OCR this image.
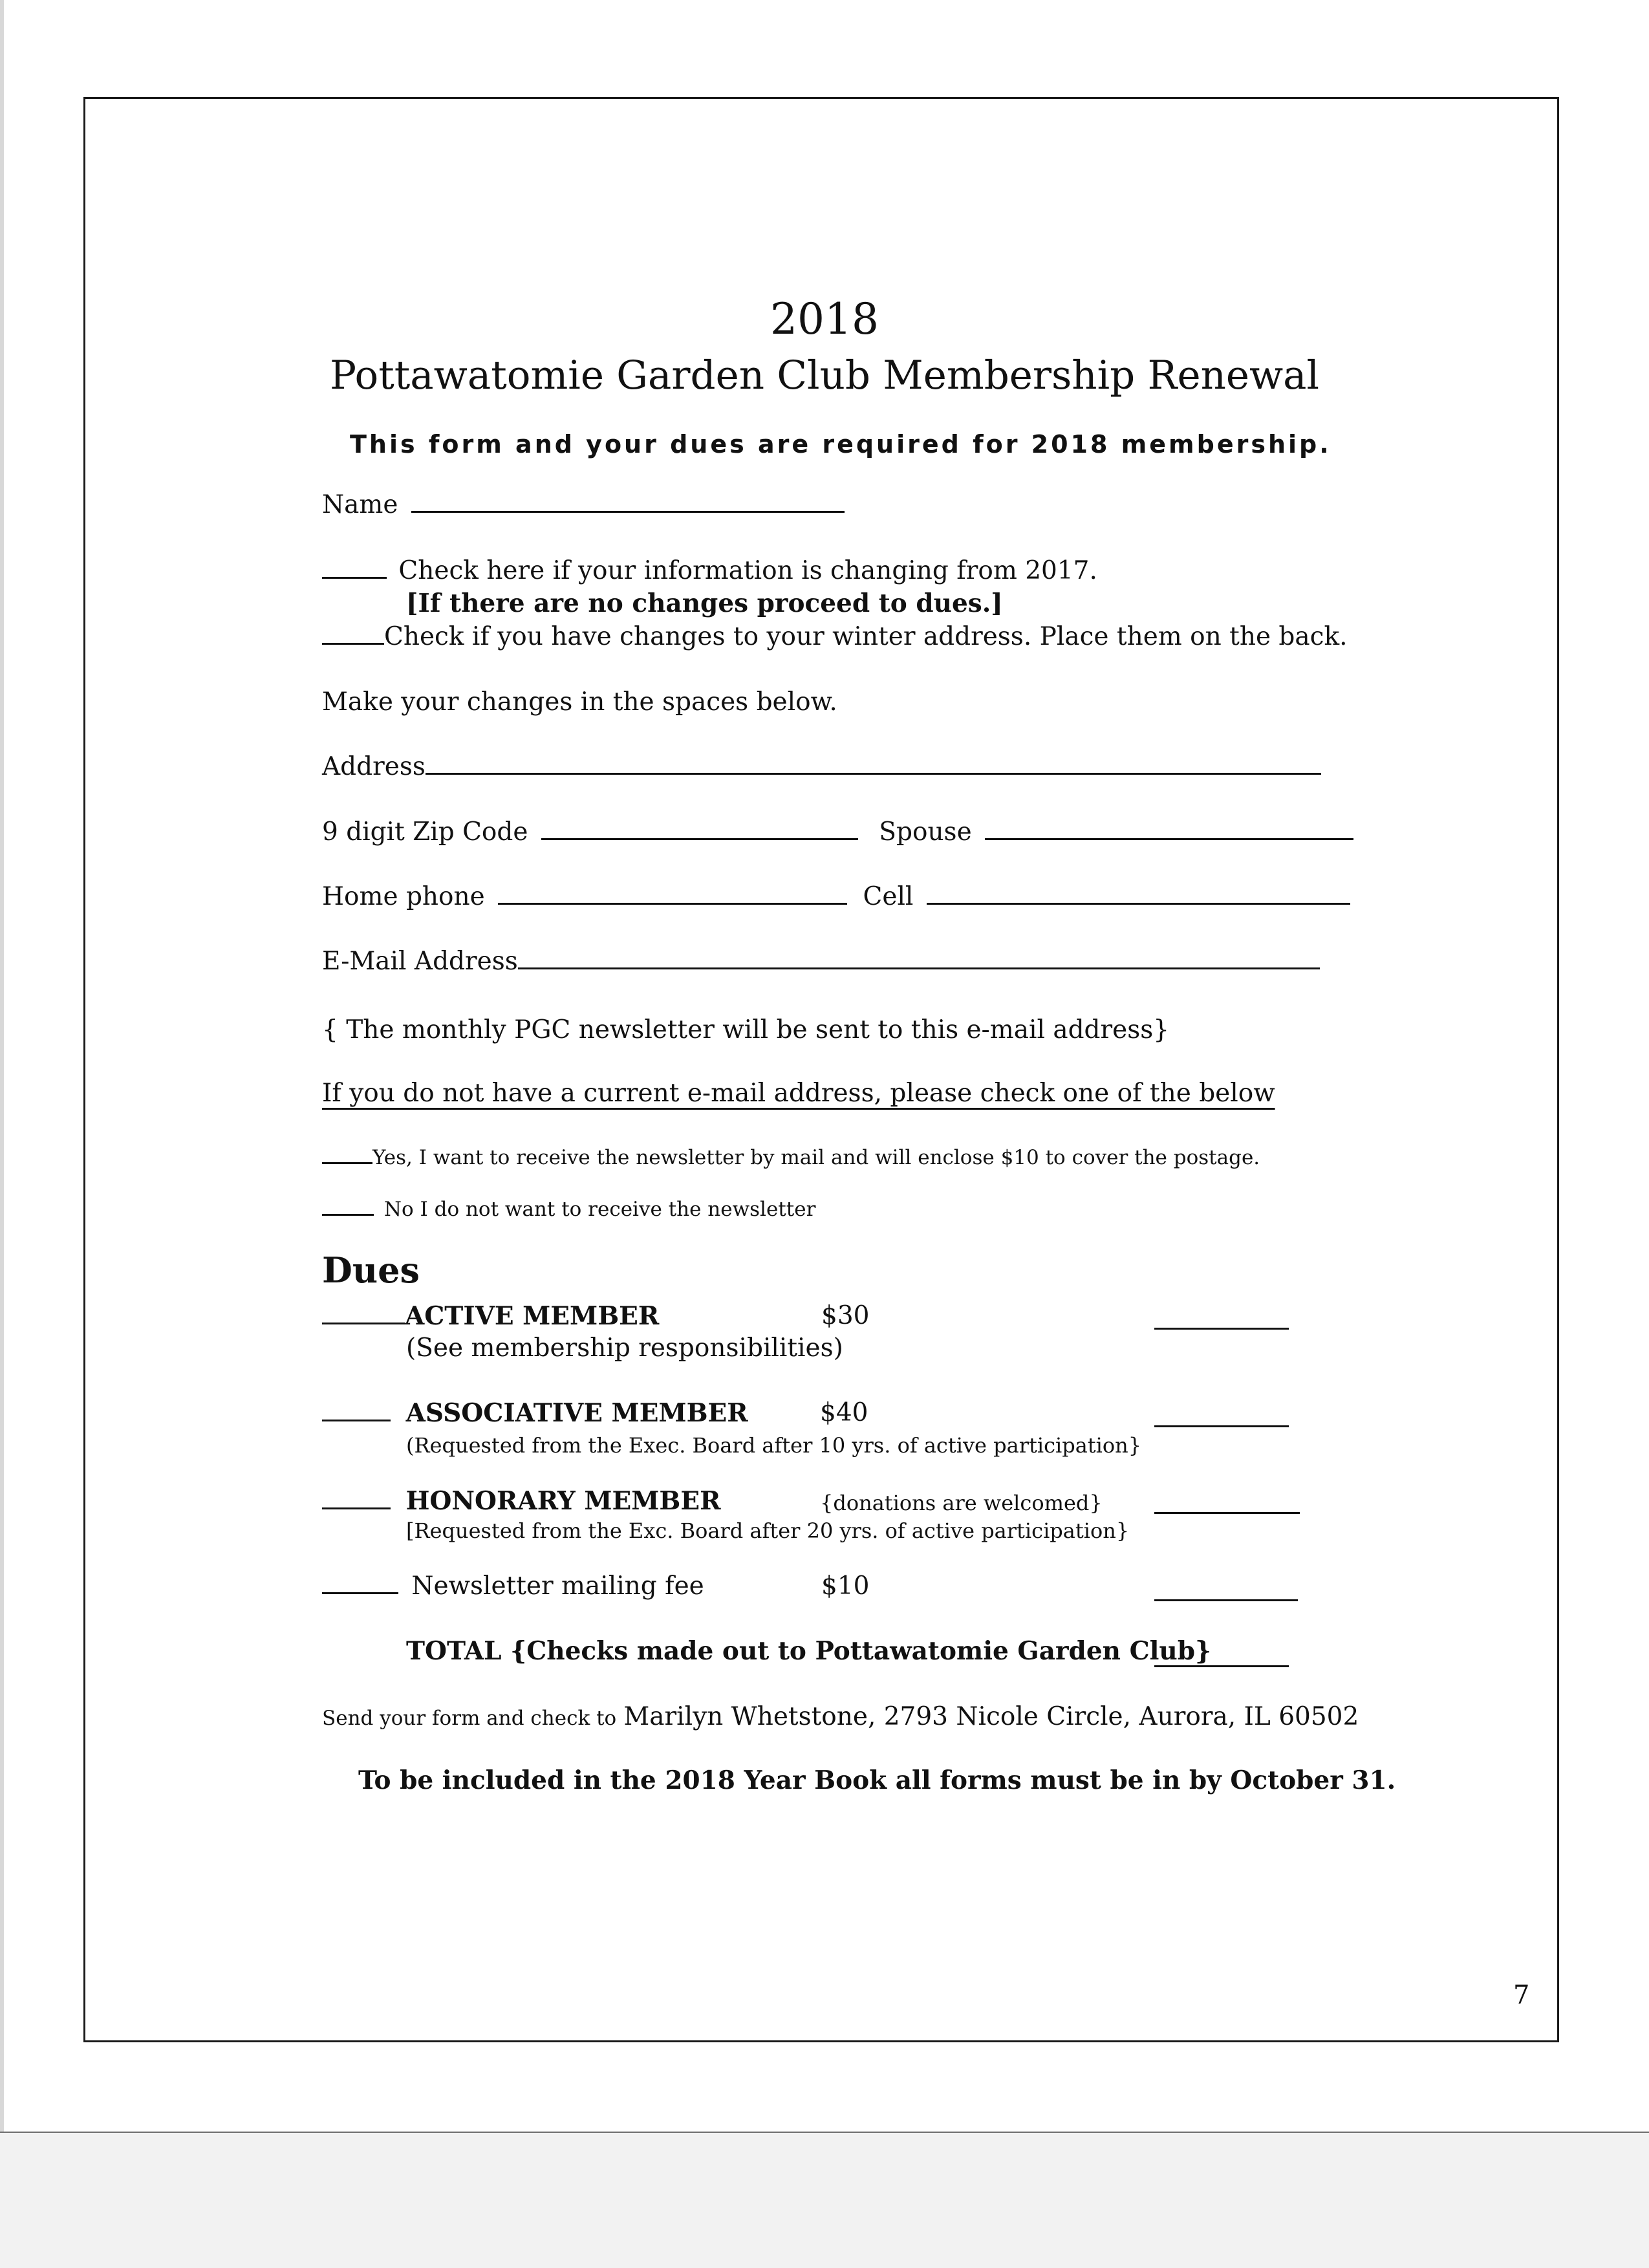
2018
Pottawatomie Garden Club Membership Renewal
This form and your dues are required for 2018 membership.
Name
Check here if your information is changing from 2017.
[If there are no changes proceed to dues.]
Check if you have changes to your winter address. Place them on the back.
Make your changes in the spaces below.
Address
9 digit Zip Code	Spouse
Home phone	Cell
E-Mail Address
{ The monthly PGC newsletter will be sent to this e-mail address}
If you do not have a current e-mail address, please check one of the below
Yes, I want to receive the newsletter by mail and will enclose $10 to cover the postage.
No I do not want to receive the newsletter
Dues
ACTIVE MEMBER	$30
(See membership responsibilities)
ASSOCIATIVE MEMBER	$40
(Requested from the Exec. Board after 10 yrs. of active participation}
HONORARY MEMBER	{donations are welcomed}
[Requested from the Exc. Board after 20 yrs. of active participation}
Newsletter mailing fee	$10
TOTAL {Checks made out to Pottawatomie Garden Club}
Send your form and check to Marilyn Whetstone, 2793 Nicole Circle, Aurora, IL 60502
To be included in the 2018 Year Book all forms must be in by October 31.
7
